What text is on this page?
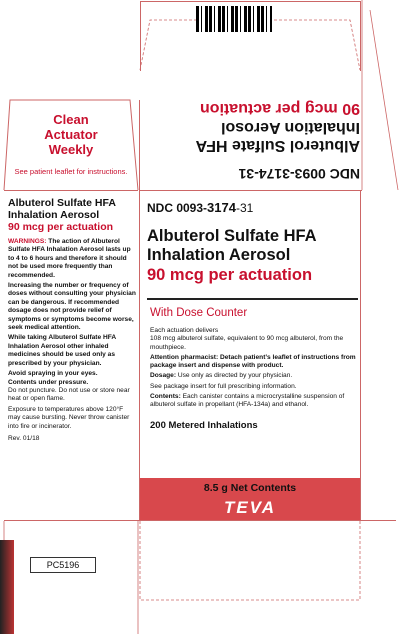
NDC 0093-3174-31

Albuterol Sulfate HFA

Inhalation Aerosol

90 mcg per actuation

Clean

Actuator

Weekly

See patient leaflet for instructions.

Albuterol Sulfate HFA

Inhalation Aerosol

90 mcg per actuation

WARNINGS: The action of Albuterol Sulfate HFA Inhalation Aerosol lasts up to 4 to 6 hours and therefore it should not be used more frequently than recommended.

Increasing the number or frequency of doses without consulting your physician can be dangerous. If recommended dosage does not provide relief of symptoms or symptoms become worse, seek medical attention.

While taking Albuterol Sulfate HFA Inhalation Aerosol other inhaled medicines should be used only as prescribed by your physician.

Avoid spraying in your eyes.

Contents under pressure.

Do not puncture. Do not use or store near heat or open flame.

Exposure to temperatures above 120°F may cause bursting. Never throw canister into fire or incinerator.

Rev. 01/18

PC5196

NDC 0093-3174-31

Albuterol Sulfate HFA

Inhalation Aerosol

90 mcg per actuation

With Dose Counter

Each actuation delivers

108 mcg albuterol sulfate, equivalent to 90 mcg albuterol, from the mouthpiece.

Attention pharmacist: Detach patient’s leaflet of instructions from package insert and dispense with product.

Dosage: Use only as directed by your physician.

See package insert for full prescribing information.

Contents: Each canister contains a microcrystalline suspension of albuterol sulfate in propellant (HFA-134a) and ethanol.

200 Metered Inhalations

8.5 g Net Contents
TEVA
